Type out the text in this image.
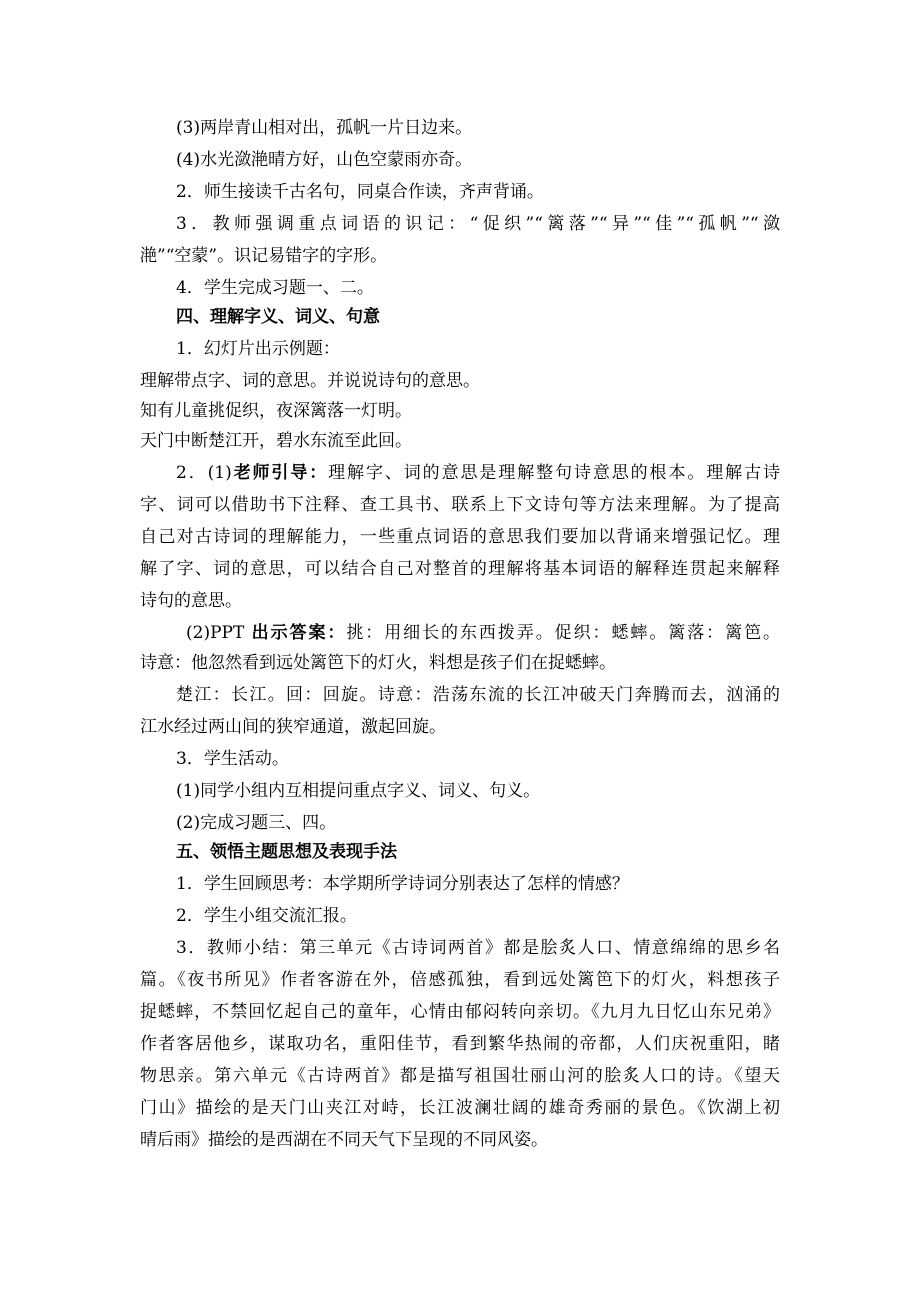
(3)两岸青山相对出，孤帆一片日边来。
(4)水光潋滟晴方好，山色空蒙雨亦奇。
2．师生接读千古名句，同桌合作读，齐声背诵。
3．教师强调重点词语的识记：“促织”“篱落”“异”“佳”“孤帆”“潋
滟”“空蒙”。识记易错字的字形。
4．学生完成习题一、二。
四、理解字义、词义、句意
1．幻灯片出示例题：
理解带点字、词的意思。并说说诗句的意思。
知有儿童挑促织，夜深篱落一灯明。
天门中断楚江开，碧水东流至此回。
2．(1)老师引导：理解字、词的意思是理解整句诗意思的根本。理解古诗
字、词可以借助书下注释、查工具书、联系上下文诗句等方法来理解。为了提高
自己对古诗词的理解能力，一些重点词语的意思我们要加以背诵来增强记忆。理
解了字、词的意思，可以结合自己对整首的理解将基本词语的解释连贯起来解释
诗句的意思。
(2)PPT 出示答案：挑：用细长的东西拨弄。促织：蟋蟀。篱落：篱笆。
诗意：他忽然看到远处篱笆下的灯火，料想是孩子们在捉蟋蟀。
楚江：长江。回：回旋。诗意：浩荡东流的长江冲破天门奔腾而去，汹涌的
江水经过两山间的狭窄通道，激起回旋。
3．学生活动。
(1)同学小组内互相提问重点字义、词义、句义。
(2)完成习题三、四。
五、领悟主题思想及表现手法
1．学生回顾思考：本学期所学诗词分别表达了怎样的情感？
2．学生小组交流汇报。
3．教师小结：第三单元《古诗词两首》都是脍炙人口、情意绵绵的思乡名
篇。《夜书所见》作者客游在外，倍感孤独，看到远处篱笆下的灯火，料想孩子
捉蟋蟀，不禁回忆起自己的童年，心情由郁闷转向亲切。《九月九日忆山东兄弟》
作者客居他乡，谋取功名，重阳佳节，看到繁华热闹的帝都，人们庆祝重阳，睹
物思亲。第六单元《古诗两首》都是描写祖国壮丽山河的脍炙人口的诗。《望天
门山》描绘的是天门山夹江对峙，长江波澜壮阔的雄奇秀丽的景色。《饮湖上初
晴后雨》描绘的是西湖在不同天气下呈现的不同风姿。
